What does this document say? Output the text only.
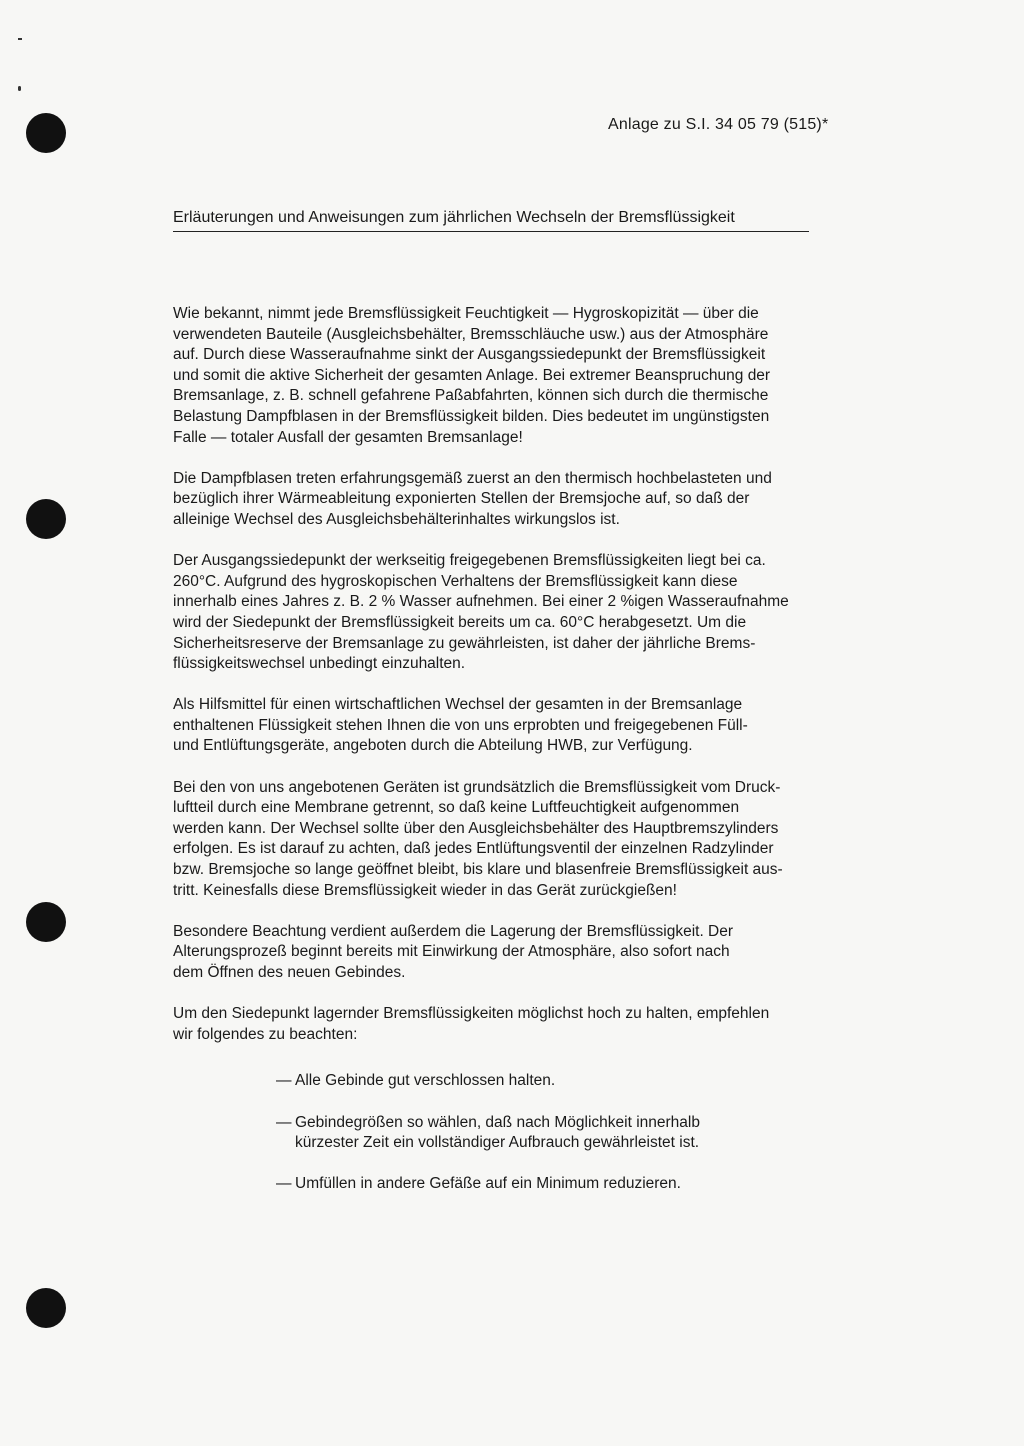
Anlage zu S.I. 34 05 79 (515)*
Erläuterungen und Anweisungen zum jährlichen Wechseln der Bremsflüssigkeit

Wie bekannt, nimmt jede Bremsflüssigkeit Feuchtigkeit — Hygroskopizität — über die
verwendeten Bauteile (Ausgleichsbehälter, Bremsschläuche usw.) aus der Atmosphäre
auf. Durch diese Wasseraufnahme sinkt der Ausgangssiedepunkt der Bremsflüssigkeit
und somit die aktive Sicherheit der gesamten Anlage. Bei extremer Beanspruchung der
Bremsanlage, z. B. schnell gefahrene Paßabfahrten, können sich durch die thermische
Belastung Dampfblasen in der Bremsflüssigkeit bilden. Dies bedeutet im ungünstigsten
Falle — totaler Ausfall der gesamten Bremsanlage!

Die Dampfblasen treten erfahrungsgemäß zuerst an den thermisch hochbelasteten und
bezüglich ihrer Wärmeableitung exponierten Stellen der Bremsjoche auf, so daß der
alleinige Wechsel des Ausgleichsbehälterinhaltes wirkungslos ist.

Der Ausgangssiedepunkt der werkseitig freigegebenen Bremsflüssigkeiten liegt bei ca.
260°C. Aufgrund des hygroskopischen Verhaltens der Bremsflüssigkeit kann diese
innerhalb eines Jahres z. B. 2 % Wasser aufnehmen. Bei einer 2 %igen Wasseraufnahme
wird der Siedepunkt der Bremsflüssigkeit bereits um ca. 60°C herabgesetzt. Um die
Sicherheitsreserve der Bremsanlage zu gewährleisten, ist daher der jährliche Brems-
flüssigkeitswechsel unbedingt einzuhalten.

Als Hilfsmittel für einen wirtschaftlichen Wechsel der gesamten in der Bremsanlage
enthaltenen Flüssigkeit stehen Ihnen die von uns erprobten und freigegebenen Füll-
und Entlüftungsgeräte, angeboten durch die Abteilung HWB, zur Verfügung.

Bei den von uns angebotenen Geräten ist grundsätzlich die Bremsflüssigkeit vom Druck-
luftteil durch eine Membrane getrennt, so daß keine Luftfeuchtigkeit aufgenommen
werden kann. Der Wechsel sollte über den Ausgleichsbehälter des Hauptbremszylinders
erfolgen. Es ist darauf zu achten, daß jedes Entlüftungsventil der einzelnen Radzylinder
bzw. Bremsjoche so lange geöffnet bleibt, bis klare und blasenfreie Bremsflüssigkeit aus-
tritt. Keinesfalls diese Bremsflüssigkeit wieder in das Gerät zurückgießen!

Besondere Beachtung verdient außerdem die Lagerung der Bremsflüssigkeit. Der
Alterungsprozeß beginnt bereits mit Einwirkung der Atmosphäre, also sofort nach
dem Öffnen des neuen Gebindes.

Um den Siedepunkt lagernder Bremsflüssigkeiten möglichst hoch zu halten, empfehlen
wir folgendes zu beachten:

— Alle Gebinde gut verschlossen halten.
— Gebindegrößen so wählen, daß nach Möglichkeit innerhalb
kürzester Zeit ein vollständiger Aufbrauch gewährleistet ist.
— Umfüllen in andere Gefäße auf ein Minimum reduzieren.
